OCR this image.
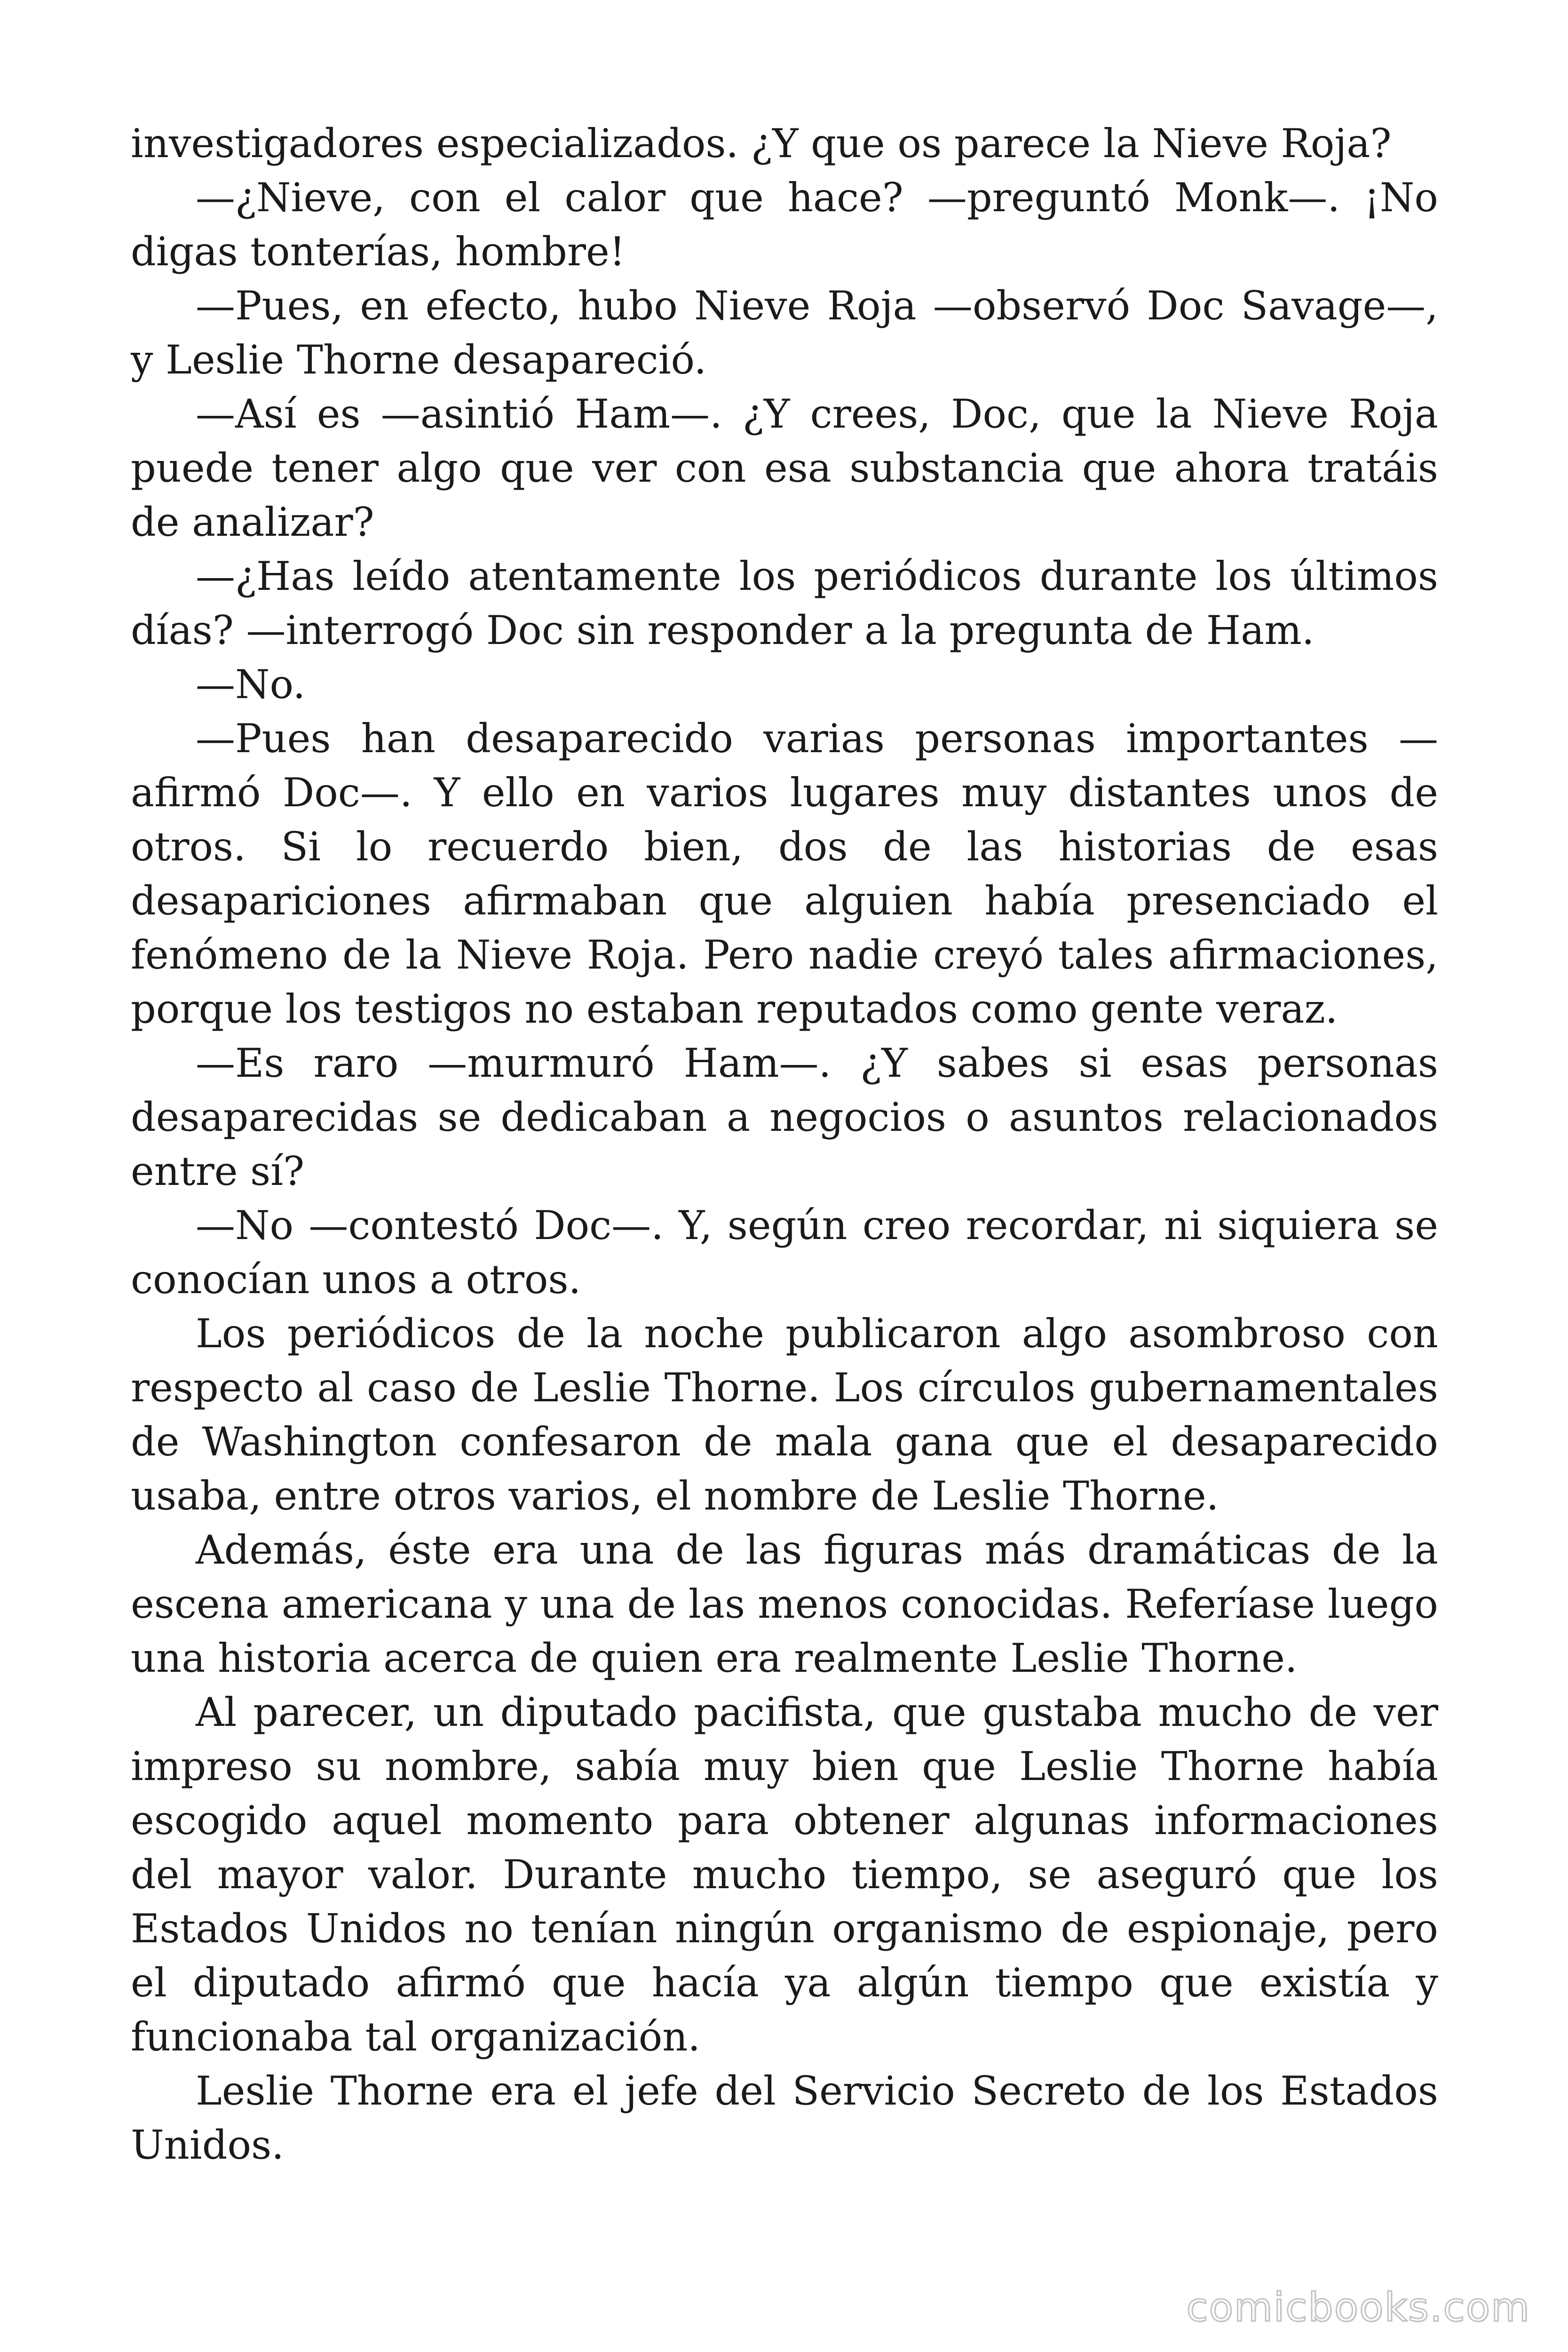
investigadores especializados. ¿Y que os parece la Nieve Roja?

—¿Nieve, con el calor que hace? —preguntó Monk—. ¡No digas tonterías, hombre!

—Pues, en efecto, hubo Nieve Roja —observó Doc Savage—, y Leslie Thorne desapareció.

—Así es —asintió Ham—. ¿Y crees, Doc, que la Nieve Roja puede tener algo que ver con esa substancia que ahora tratáis de analizar?

—¿Has leído atentamente los periódicos durante los últimos días? —interrogó Doc sin responder a la pregunta de Ham.

—No.

—Pues han desaparecido varias personas importantes —afirmó Doc—. Y ello en varios lugares muy distantes unos de otros. Si lo recuerdo bien, dos de las historias de esas desapariciones afirmaban que alguien había presenciado el fenómeno de la Nieve Roja. Pero nadie creyó tales afirmaciones, porque los testigos no estaban reputados como gente veraz.

—Es raro —murmuró Ham—. ¿Y sabes si esas personas desaparecidas se dedicaban a negocios o asuntos relacionados entre sí?

—No —contestó Doc—. Y, según creo recordar, ni siquiera se conocían unos a otros.

Los periódicos de la noche publicaron algo asombroso con respecto al caso de Leslie Thorne. Los círculos gubernamentales de Washington confesaron de mala gana que el desaparecido usaba, entre otros varios, el nombre de Leslie Thorne.

Además, éste era una de las figuras más dramáticas de la escena americana y una de las menos conocidas. Referíase luego una historia acerca de quien era realmente Leslie Thorne.

Al parecer, un diputado pacifista, que gustaba mucho de ver impreso su nombre, sabía muy bien que Leslie Thorne había escogido aquel momento para obtener algunas informaciones del mayor valor. Durante mucho tiempo, se aseguró que los Estados Unidos no tenían ningún organismo de espionaje, pero el diputado afirmó que hacía ya algún tiempo que existía y funcionaba tal organización.

Leslie Thorne era el jefe del Servicio Secreto de los Estados Unidos.

comicbooks.com
